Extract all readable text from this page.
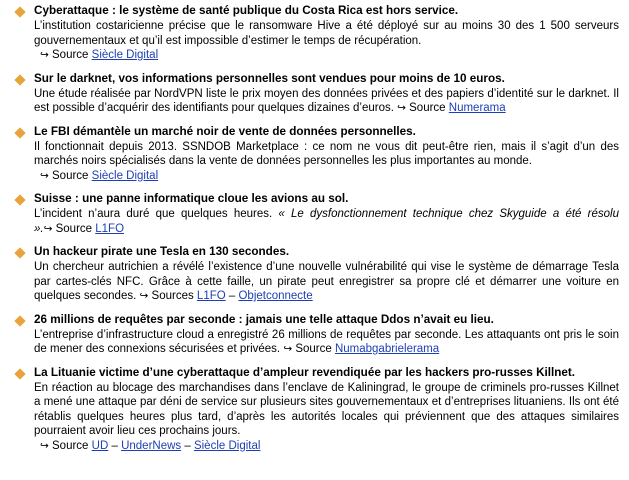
Cyberattaque : le système de santé publique du Costa Rica est hors service.

L’institution costaricienne précise que le ransomware Hive a été déployé sur au moins 30 des 1 500 serveurs gouvernementaux et qu’il est impossible d’estimer le temps de récupération.

↪ Source Siècle Digital

Sur le darknet, vos informations personnelles sont vendues pour moins de 10 euros.

Une étude réalisée par NordVPN liste le prix moyen des données privées et des papiers d’identité sur le darknet. Il est possible d’acquérir des identifiants pour quelques dizaines d’euros. ↪ Source Numerama

Le FBI démantèle un marché noir de vente de données personnelles.

Il fonctionnait depuis 2013. SSNDOB Marketplace : ce nom ne vous dit peut-être rien, mais il s’agit d’un des marchés noirs spécialisés dans la vente de données personnelles les plus importantes au monde.

↪ Source Siècle Digital

Suisse : une panne informatique cloue les avions au sol.

L’incident n’aura duré que quelques heures. « Le dysfonctionnement technique chez Skyguide a été résolu ».↪ Source L1FO

Un hackeur pirate une Tesla en 130 secondes.

Un chercheur autrichien a révélé l’existence d’une nouvelle vulnérabilité qui vise le système de démarrage Tesla par cartes-clés NFC. Grâce à cette faille, un pirate peut enregistrer sa propre clé et démarrer une voiture en quelques secondes. ↪ Sources L1FO – Objetconnecte

26 millions de requêtes par seconde : jamais une telle attaque Ddos n’avait eu lieu.

L’entreprise d’infrastructure cloud a enregistré 26 millions de requêtes par seconde. Les attaquants ont pris le soin de mener des connexions sécurisées et privées. ↪ Source Numabgabrielerama

La Lituanie victime d’une cyberattaque d’ampleur revendiquée par les hackers pro-russes Killnet.

En réaction au blocage des marchandises dans l’enclave de Kaliningrad, le groupe de criminels pro-russes Killnet a mené une attaque par déni de service sur plusieurs sites gouvernementaux et d’entreprises lituaniens. Ils ont été rétablis quelques heures plus tard, d’après les autorités locales qui préviennent que des attaques similaires pourraient avoir lieu ces prochains jours.

↪ Source UD – UnderNews – Siècle Digital
